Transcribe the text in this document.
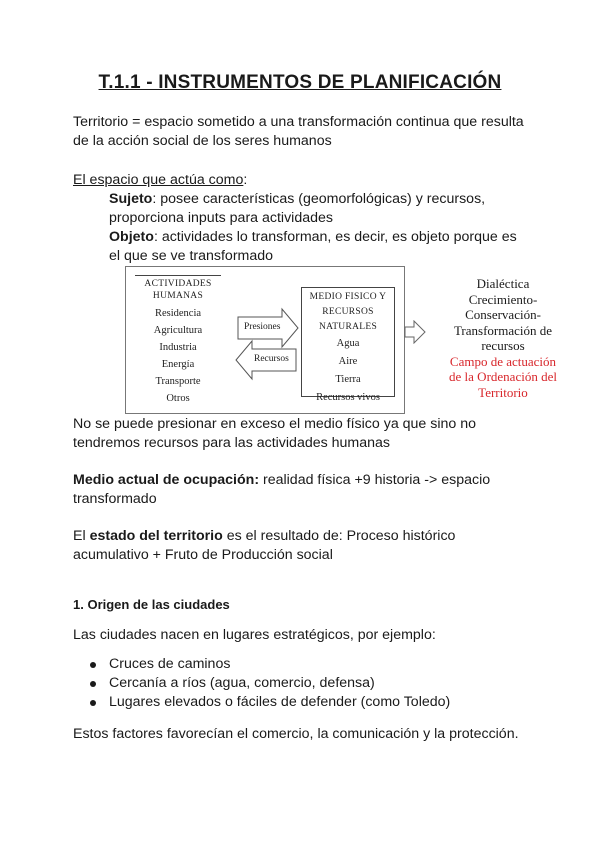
T.1.1 - INSTRUMENTOS DE PLANIFICACIÓN
Territorio = espacio sometido a una transformación continua que resulta
de la acción social de los seres humanos
El espacio que actúa como:
Sujeto: posee características (geomorfológicas) y recursos,
proporciona inputs para actividades
Objeto: actividades lo transforman, es decir, es objeto porque es
el que se ve transformado
ACTIVIDADES
HUMANAS
Residencia
Agricultura
Industria
Energía
Transporte
Otros
Presiones
Recursos
MEDIO FISICO Y
RECURSOS
NATURALES
Agua
Aire
Tierra
Recursos vivos
Dialéctica
Crecimiento-
Conservación-
Transformación de
recursos
Campo de actuación
de la Ordenación del
Territorio
No se puede presionar en exceso el medio físico ya que sino no
tendremos recursos para las actividades humanas
Medio actual de ocupación: realidad física +9 historia -> espacio
transformado
El estado del territorio es el resultado de: Proceso histórico
acumulativo + Fruto de Producción social
1. Origen de las ciudades
Las ciudades nacen en lugares estratégicos, por ejemplo:
Cruces de caminos
Cercanía a ríos (agua, comercio, defensa)
Lugares elevados o fáciles de defender (como Toledo)
Estos factores favorecían el comercio, la comunicación y la protección.
